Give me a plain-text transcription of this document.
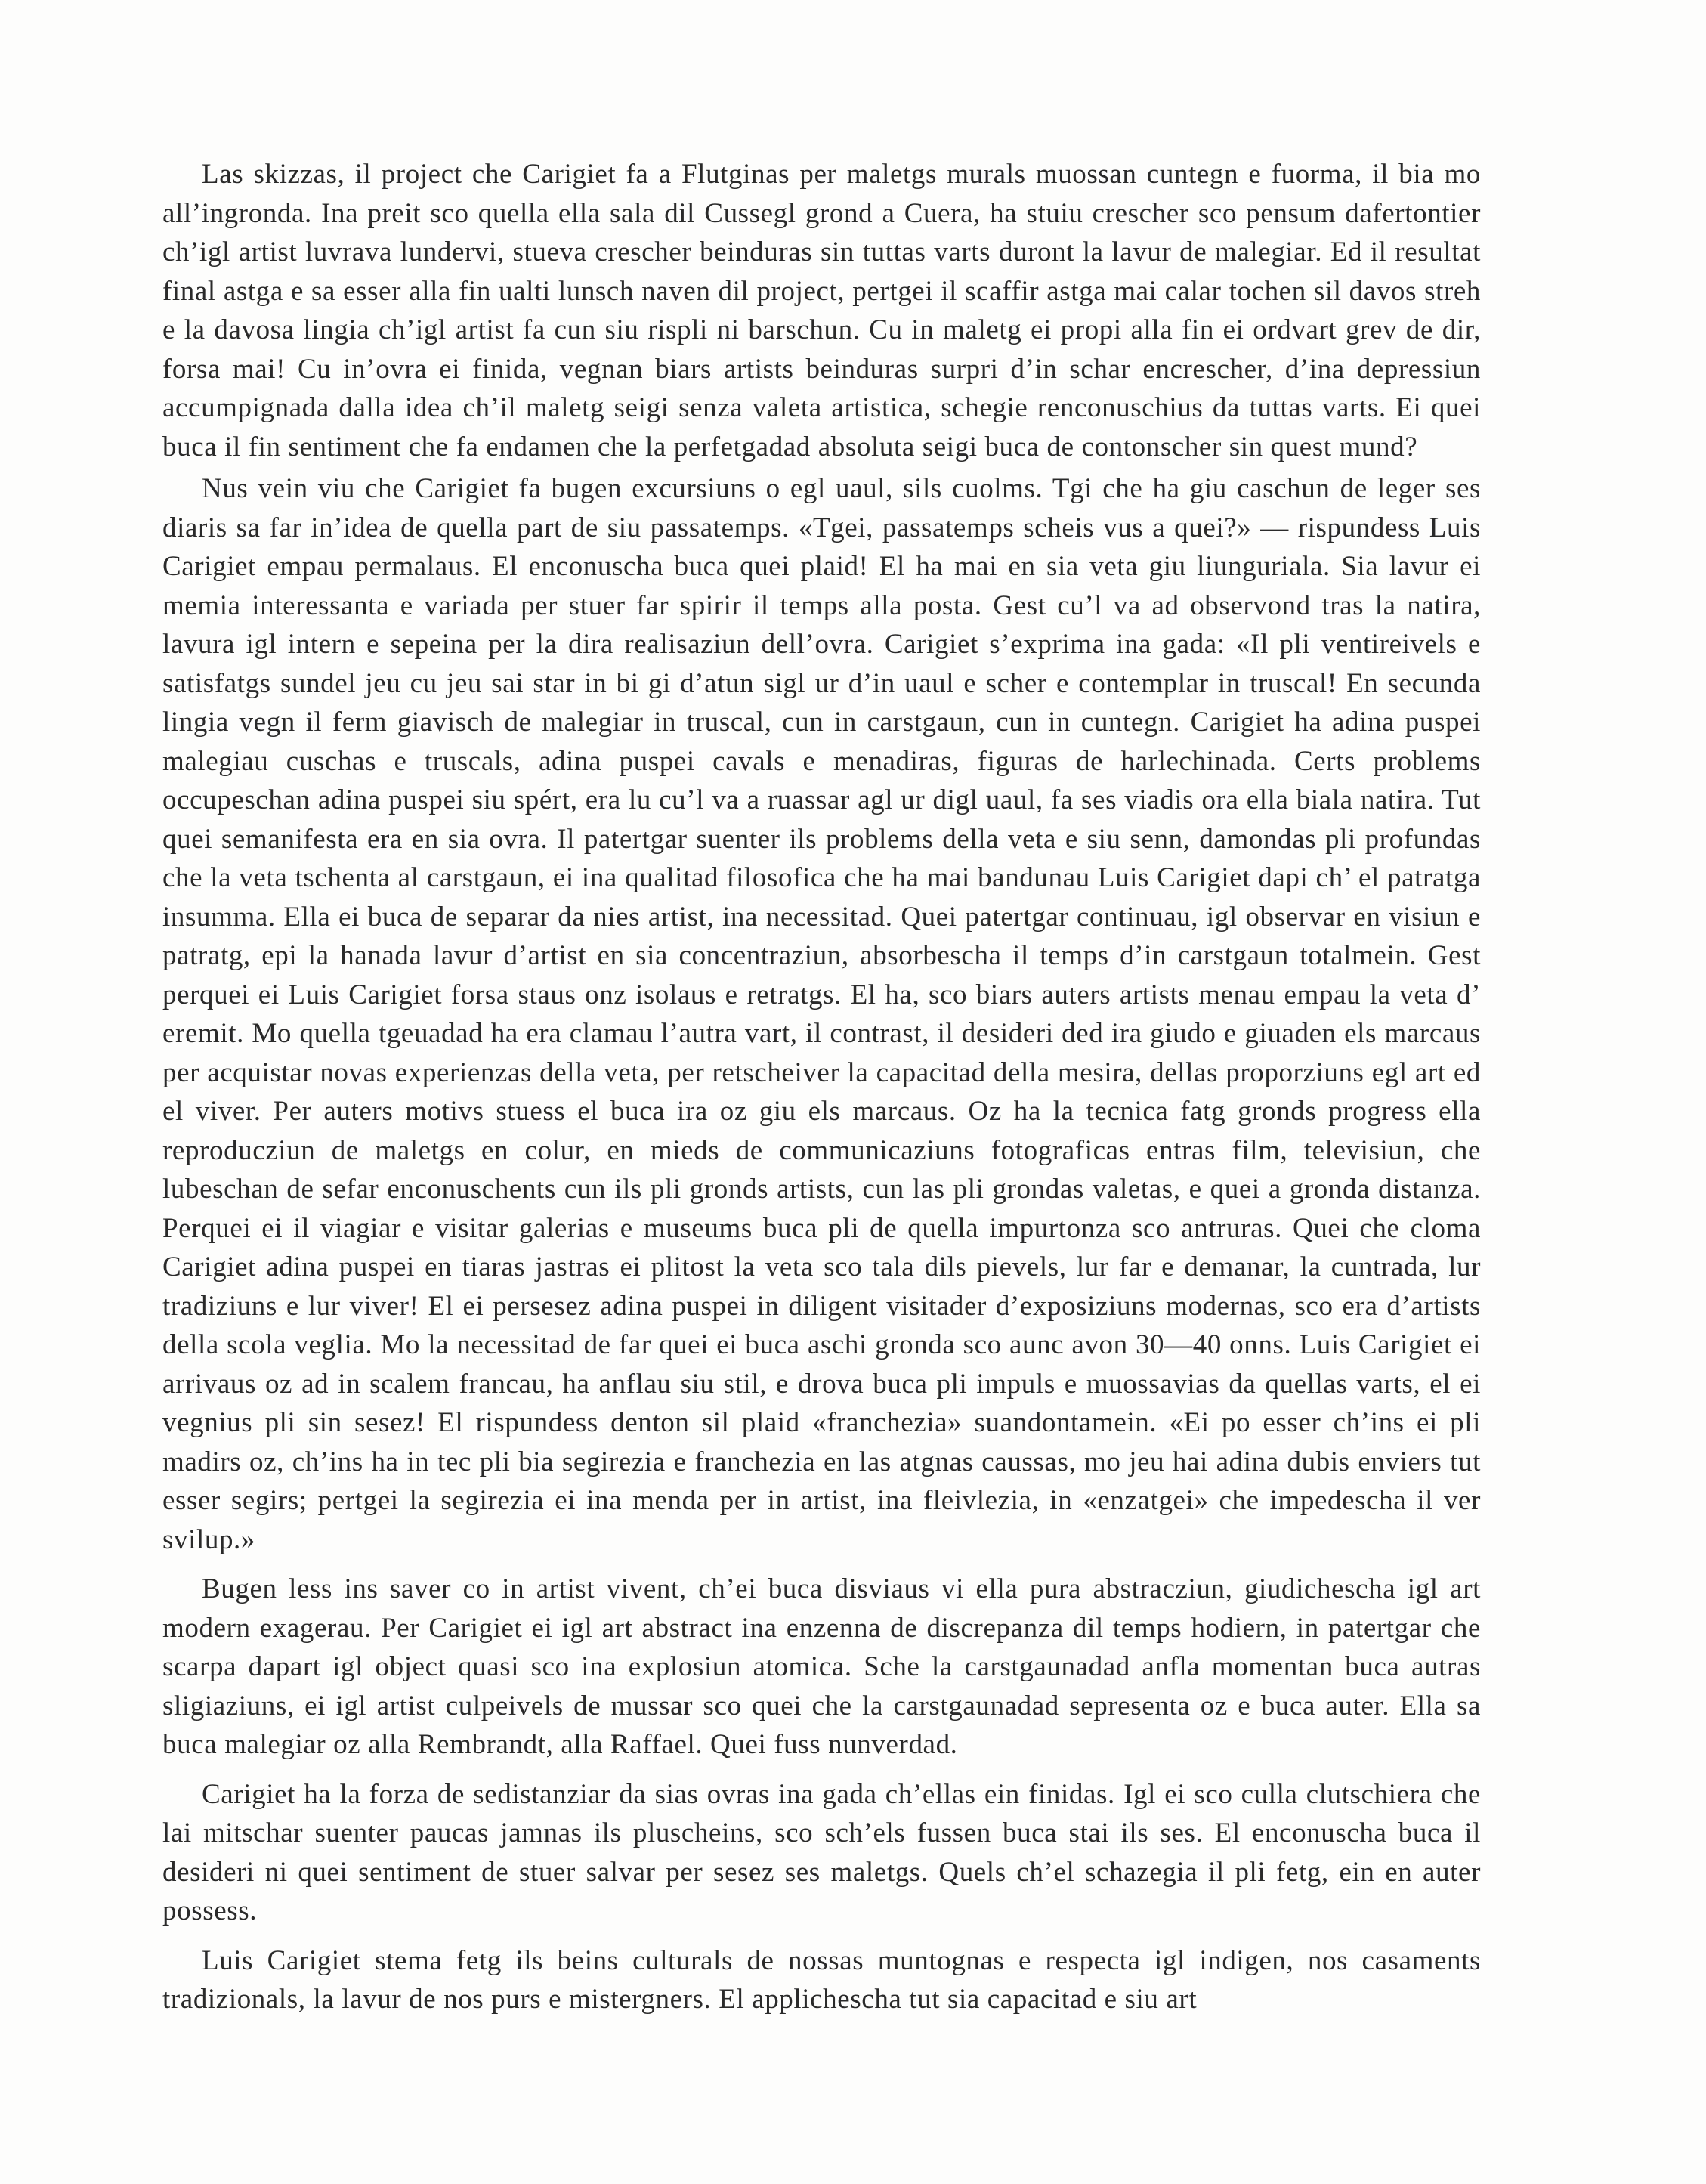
Las skizzas, il project che Carigiet fa a Flutginas per maletgs murals muossan cuntegn e fuorma, il bia mo all’ingronda. Ina preit sco quella ella sala dil Cussegl grond a Cuera, ha stuiu crescher sco pensum dafertontier ch’igl artist luvrava lundervi, stueva crescher beinduras sin tuttas varts duront la lavur de malegiar. Ed il resultat final astga e sa esser alla fin ualti lunsch naven dil project, pertgei il scaffir astga mai calar tochen sil davos streh e la davosa lingia ch’igl artist fa cun siu rispli ni barschun. Cu in maletg ei propi alla fin ei ordvart grev de dir, forsa mai! Cu in’ovra ei finida, vegnan biars artists beinduras surpri d’in schar encrescher, d’ina depressiun accumpignada dalla idea ch’il maletg seigi senza valeta artistica, schegie renconuschius da tuttas varts. Ei quei buca il fin sentiment che fa endamen che la perfetgadad absoluta seigi buca de contonscher sin quest mund?

Nus vein viu che Carigiet fa bugen excursiuns o egl uaul, sils cuolms. Tgi che ha giu caschun de leger ses diaris sa far in’idea de quella part de siu passatemps. «Tgei, passatemps scheis vus a quei?» — rispundess Luis Carigiet empau permalaus. El enconuscha buca quei plaid! El ha mai en sia veta giu liunguriala. Sia lavur ei memia interessanta e variada per stuer far spirir il temps alla posta. Gest cu’l va ad observond tras la natira, lavura igl intern e sepeina per la dira realisaziun dell’ovra. Carigiet s’exprima ina gada: «Il pli ventireivels e satisfatgs sundel jeu cu jeu sai star in bi gi d’atun sigl ur d’in uaul e scher e contemplar in truscal! En secunda lingia vegn il ferm giavisch de malegiar in truscal, cun in carstgaun, cun in cuntegn. Carigiet ha adina puspei malegiau cuschas e truscals, adina puspei cavals e menadiras, figuras de harlechinada. Certs problems occupeschan adina puspei siu spért, era lu cu’l va a ruassar agl ur digl uaul, fa ses viadis ora ella biala natira. Tut quei semanifesta era en sia ovra. Il patertgar suenter ils problems della veta e siu senn, damondas pli profundas che la veta tschenta al carstgaun, ei ina qualitad filosofica che ha mai bandunau Luis Carigiet dapi ch’ el patratga insumma. Ella ei buca de separar da nies artist, ina necessitad. Quei patertgar continuau, igl observar en visiun e patratg, epi la hanada lavur d’artist en sia concentraziun, absorbescha il temps d’in carstgaun totalmein. Gest perquei ei Luis Carigiet forsa staus onz isolaus e retratgs. El ha, sco biars auters artists menau empau la veta d’ eremit. Mo quella tgeuadad ha era clamau l’autra vart, il contrast, il desideri ded ira giudo e giuaden els marcaus per acquistar novas experienzas della veta, per retscheiver la capacitad della mesira, dellas proporziuns egl art ed el viver. Per auters motivs stuess el buca ira oz giu els marcaus. Oz ha la tecnica fatg gronds progress ella reproducziun de maletgs en colur, en mieds de communicaziuns fotograficas entras film, televisiun, che lubeschan de sefar enconuschents cun ils pli gronds artists, cun las pli grondas valetas, e quei a gronda distanza. Perquei ei il viagiar e visitar galerias e museums buca pli de quella impurtonza sco antruras. Quei che cloma Carigiet adina puspei en tiaras jastras ei plitost la veta sco tala dils pievels, lur far e demanar, la cuntrada, lur tradiziuns e lur viver! El ei persesez adina puspei in diligent visitader d’exposiziuns modernas, sco era d’artists della scola veglia. Mo la necessitad de far quei ei buca aschi gronda sco aunc avon 30—40 onns. Luis Carigiet ei arrivaus oz ad in scalem francau, ha anflau siu stil, e drova buca pli impuls e muossavias da quellas varts, el ei vegnius pli sin sesez! El rispundess denton sil plaid «franchezia» suandontamein. «Ei po esser ch’ins ei pli madirs oz, ch’ins ha in tec pli bia segirezia e franchezia en las atgnas caussas, mo jeu hai adina dubis enviers tut esser segirs; pertgei la segirezia ei ina menda per in artist, ina fleivlezia, in «enzatgei» che impedescha il ver svilup.»

Bugen less ins saver co in artist vivent, ch’ei buca disviaus vi ella pura abstracziun, giudichescha igl art modern exagerau. Per Carigiet ei igl art abstract ina enzenna de discrepanza dil temps hodiern, in patertgar che scarpa dapart igl object quasi sco ina explosiun atomica. Sche la carstgaunadad anfla momentan buca autras sligiaziuns, ei igl artist culpeivels de mussar sco quei che la carstgaunadad sepresenta oz e buca auter. Ella sa buca malegiar oz alla Rembrandt, alla Raffael. Quei fuss nunverdad.

Carigiet ha la forza de sedistanziar da sias ovras ina gada ch’ellas ein finidas. Igl ei sco culla clutschiera che lai mitschar suenter paucas jamnas ils pluscheins, sco sch’els fussen buca stai ils ses. El enconuscha buca il desideri ni quei sentiment de stuer salvar per sesez ses maletgs. Quels ch’el schazegia il pli fetg, ein en auter possess.

Luis Carigiet stema fetg ils beins culturals de nossas muntognas e respecta igl indigen, nos casaments tradizionals, la lavur de nos purs e mistergners. El applichescha tut sia capacitad e siu art
